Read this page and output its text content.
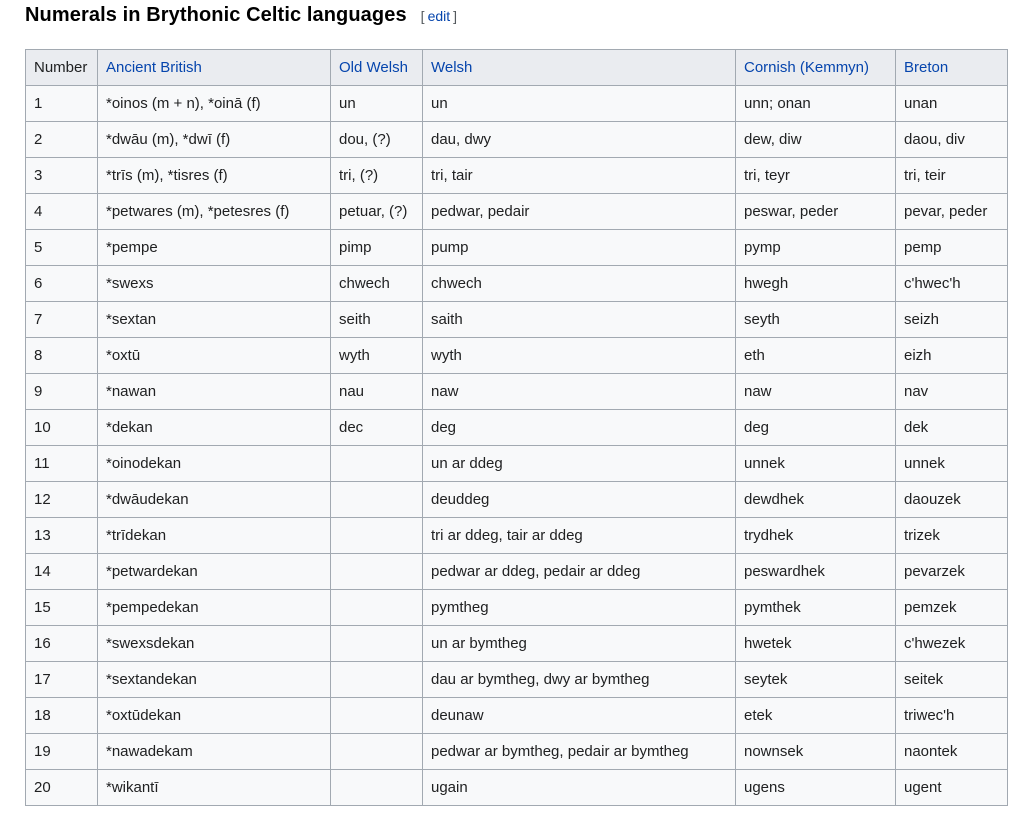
Numerals in Brythonic Celtic languages [ edit ]
Number	Ancient British	Old Welsh	Welsh	Cornish (Kemmyn)	Breton
1	*oinos (m + n), *oinā (f)	un	un	unn; onan	unan
2	*dwāu (m), *dwī (f)	dou, (?)	dau, dwy	dew, diw	daou, div
3	*trīs (m), *tisres (f)	tri, (?)	tri, tair	tri, teyr	tri, teir
4	*petwares (m), *petesres (f)	petuar, (?)	pedwar, pedair	peswar, peder	pevar, peder
5	*pempe	pimp	pump	pymp	pemp
6	*swexs	chwech	chwech	hwegh	c'hwec'h
7	*sextan	seith	saith	seyth	seizh
8	*oxtū	wyth	wyth	eth	eizh
9	*nawan	nau	naw	naw	nav
10	*dekan	dec	deg	deg	dek
11	*oinodekan		un ar ddeg	unnek	unnek
12	*dwāudekan		deuddeg	dewdhek	daouzek
13	*trīdekan		tri ar ddeg, tair ar ddeg	trydhek	trizek
14	*petwardekan		pedwar ar ddeg, pedair ar ddeg	peswardhek	pevarzek
15	*pempedekan		pymtheg	pymthek	pemzek
16	*swexsdekan		un ar bymtheg	hwetek	c'hwezek
17	*sextandekan		dau ar bymtheg, dwy ar bymtheg	seytek	seitek
18	*oxtūdekan		deunaw	etek	triwec'h
19	*nawadekam		pedwar ar bymtheg, pedair ar bymtheg	nownsek	naontek
20	*wikantī		ugain	ugens	ugent
